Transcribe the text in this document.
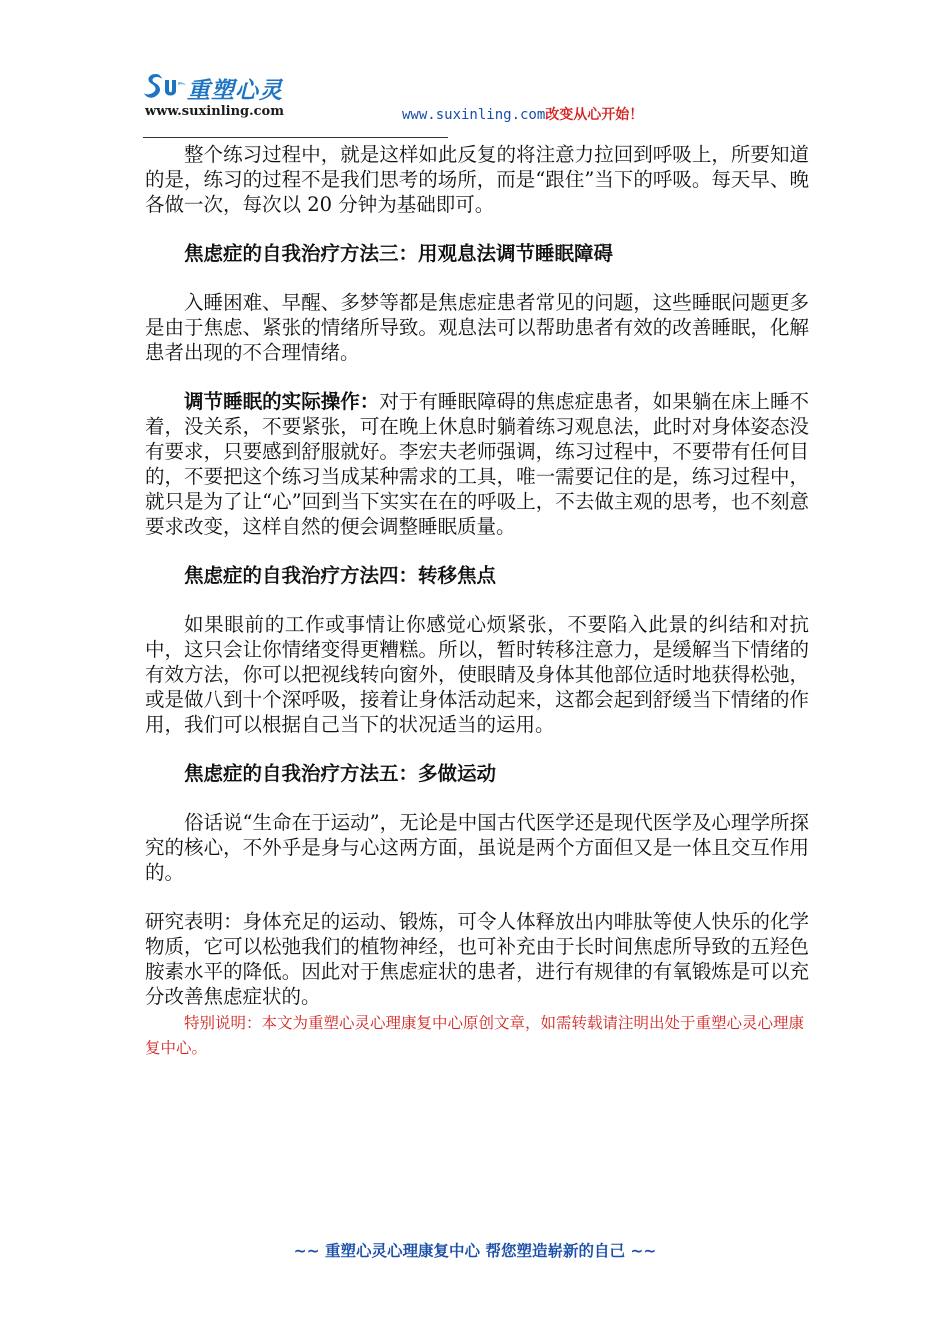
重塑心灵
www.suxinling.com	www.suxinling.com改变从心开始！

整个练习过程中，就是这样如此反复的将注意力拉回到呼吸上，所要知道的是，练习的过程不是我们思考的场所，而是“跟住”当下的呼吸。每天早、晚各做一次，每次以 20 分钟为基础即可。

焦虑症的自我治疗方法三：用观息法调节睡眠障碍

入睡困难、早醒、多梦等都是焦虑症患者常见的问题，这些睡眠问题更多是由于焦虑、紧张的情绪所导致。观息法可以帮助患者有效的改善睡眠，化解患者出现的不合理情绪。

调节睡眠的实际操作：对于有睡眠障碍的焦虑症患者，如果躺在床上睡不着，没关系，不要紧张，可在晚上休息时躺着练习观息法，此时对身体姿态没有要求，只要感到舒服就好。李宏夫老师强调，练习过程中，不要带有任何目的，不要把这个练习当成某种需求的工具，唯一需要记住的是，练习过程中，就只是为了让“心”回到当下实实在在的呼吸上，不去做主观的思考，也不刻意要求改变，这样自然的便会调整睡眠质量。

焦虑症的自我治疗方法四：转移焦点

如果眼前的工作或事情让你感觉心烦紧张，不要陷入此景的纠结和对抗中，这只会让你情绪变得更糟糕。所以，暂时转移注意力，是缓解当下情绪的有效方法，你可以把视线转向窗外，使眼睛及身体其他部位适时地获得松弛，或是做八到十个深呼吸，接着让身体活动起来，这都会起到舒缓当下情绪的作用，我们可以根据自己当下的状况适当的运用。

焦虑症的自我治疗方法五：多做运动

俗话说“生命在于运动”，无论是中国古代医学还是现代医学及心理学所探究的核心，不外乎是身与心这两方面，虽说是两个方面但又是一体且交互作用的。

研究表明：身体充足的运动、锻炼，可令人体释放出内啡肽等使人快乐的化学物质，它可以松弛我们的植物神经，也可补充由于长时间焦虑所导致的五羟色胺素水平的降低。因此对于焦虑症状的患者，进行有规律的有氧锻炼是可以充分改善焦虑症状的。

特别说明：本文为重塑心灵心理康复中心原创文章，如需转载请注明出处于重塑心灵心理康复中心。

~~ 重塑心灵心理康复中心 帮您塑造崭新的自己 ~~
